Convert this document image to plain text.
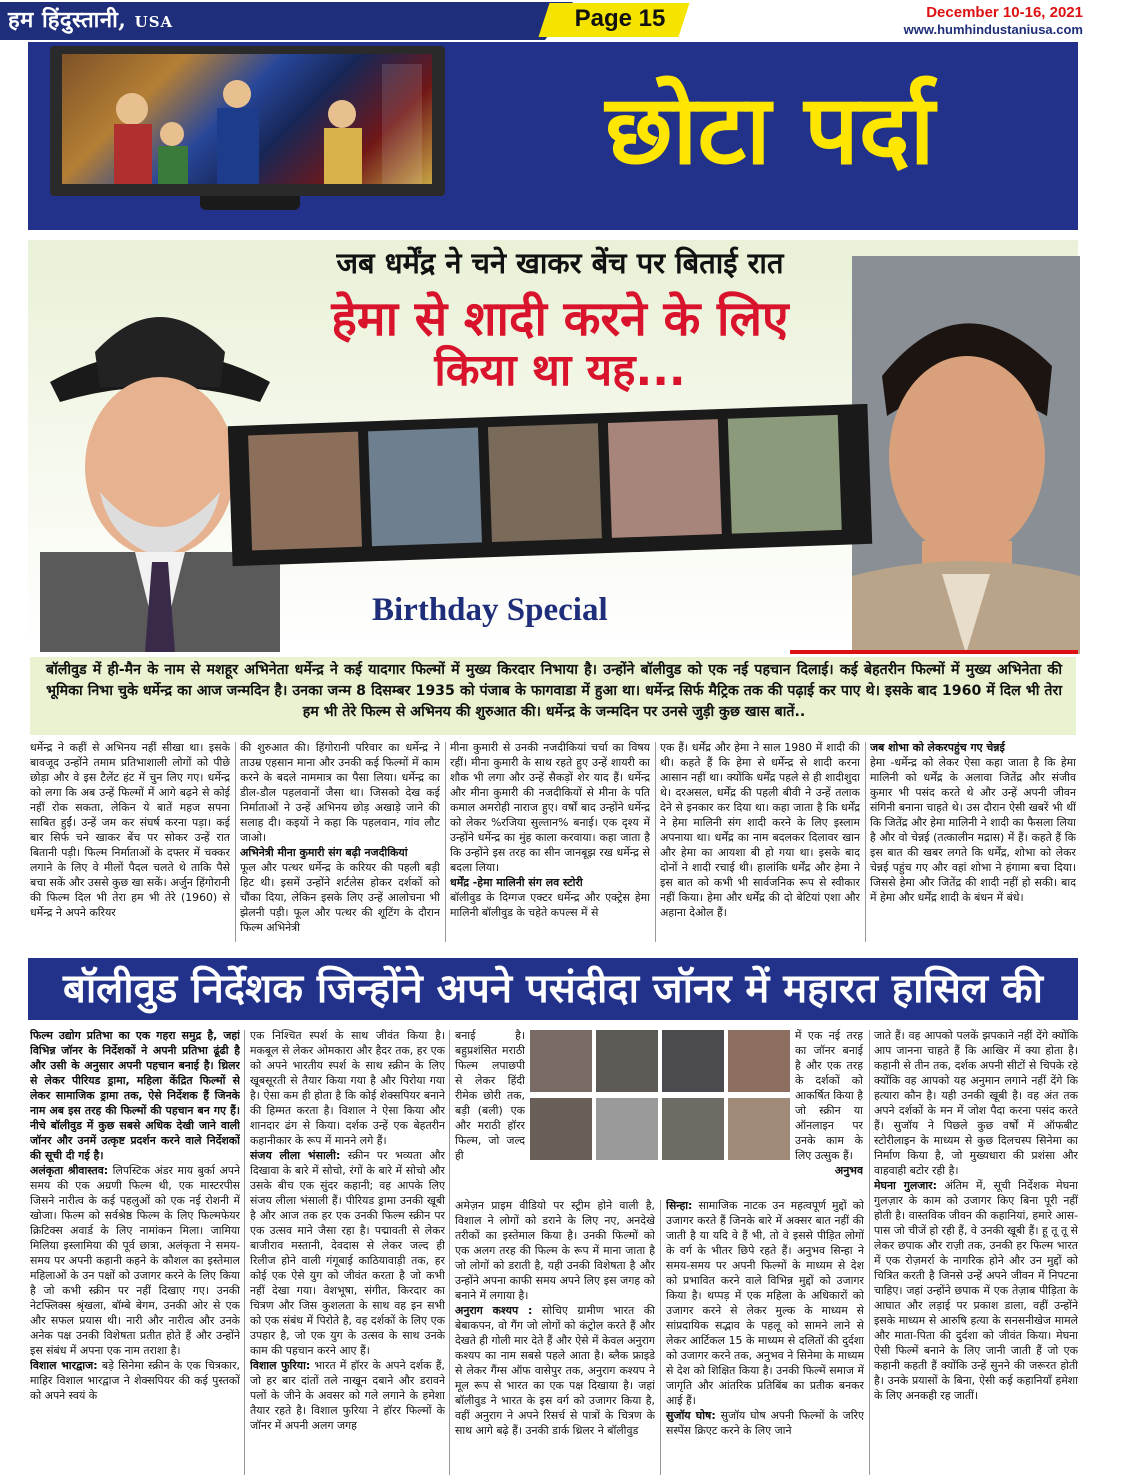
हम हिंदुस्तानी, USA	Page 15	December 10-16, 2021
www.humhindustaniusa.com
छोटा पर्दा
जब धर्मेंद्र ने चने खाकर बेंच पर बिताई रात
हेमा से शादी करने के लिए
किया था यह...
Birthday Special
बॉलीवुड में ही-मैन के नाम से मशहूर अभिनेता धर्मेन्द्र ने कई यादगार फिल्मों में मुख्य किरदार निभाया है। उन्होंने बॉलीवुड को एक नई पहचान दिलाई। कई बेहतरीन फिल्मों में मुख्य अभिनेता की भूमिका निभा चुके धर्मेन्द्र का आज जन्मदिन है। उनका जन्म 8 दिसम्बर 1935 को पंजाब के फागवाडा में हुआ था। धर्मेन्द्र सिर्फ मैट्रिक तक की पढ़ाई कर पाए थे। इसके बाद 1960 में दिल भी तेरा हम भी तेरे फिल्म से अभिनय की शुरुआत की। धर्मेन्द्र के जन्मदिन पर उनसे जुड़ी कुछ खास बातें..

धर्मेन्द्र ने कहीं से अभिनय नहीं सीखा था। इसके बावजूद उन्होंने तमाम प्रतिभाशाली लोगों को पीछे छोड़ा और वे इस टैलेंट हंट में चुन लिए गए। धर्मेन्द्र को लगा कि अब उन्हें फिल्मों में आगे बढ़ने से कोई नहीं रोक सकता, लेकिन ये बातें महज सपना साबित हुईं। उन्हें जम कर संघर्ष करना पड़ा। कई बार सिर्फ चने खाकर बेंच पर सोकर उन्हें रात बितानी पड़ी। फिल्म निर्माताओं के दफ्तर में चक्कर लगाने के लिए वे मीलों पैदल चलते थे ताकि पैसे बचा सकें और उससे कुछ खा सकें। अर्जुन हिंगोरानी की फिल्म दिल भी तेरा हम भी तेरे (1960) से धर्मेन्द्र ने अपने करियर

की शुरुआत की। हिंगोरानी परिवार का धर्मेन्द्र ने ताउम्र एहसान माना और उनकी कई फिल्मों में काम करने के बदले नाममात्र का पैसा लिया। धर्मेन्द्र का डील-डौल पहलवानों जैसा था। जिसको देख कई निर्माताओं ने उन्हें अभिनय छोड़ अखाड़े जाने की सलाह दी। कइयों ने कहा कि पहलवान, गांव लौट जाओ।

अभिनेत्री मीना कुमारी संग बढ़ी नजदीकियां

फूल और पत्थर धर्मेन्द्र के करियर की पहली बड़ी हिट थी। इसमें उन्होंने शर्टलेस होकर दर्शकों को चौंका दिया, लेकिन इसके लिए उन्हें आलोचना भी झेलनी पड़ी। फूल और पत्थर की शूटिंग के दौरान फिल्म अभिनेत्री

मीना कुमारी से उनकी नजदीकियां चर्चा का विषय रहीं। मीना कुमारी के साथ रहते हुए उन्हें शायरी का शौक भी लगा और उन्हें सैकड़ों शेर याद हैं। धर्मेन्द्र और मीना कुमारी की नजदीकियों से मीना के पति कमाल अमरोही नाराज हुए। वर्षों बाद उन्होंने धर्मेन्द्र को लेकर %रजिया सुल्तान% बनाई। एक दृश्य में उन्होंने धर्मेन्द्र का मुंह काला करवाया। कहा जाता है कि उन्होंने इस तरह का सीन जानबूझ रख धर्मेन्द्र से बदला लिया।

धर्मेंद्र -हेमा मालिनी संग लव स्टोरी

बॉलीवुड के दिग्गज एक्टर धर्मेन्द्र और एक्ट्रेस हेमा मालिनी बॉलीवुड के चहेते कपल्स में से

एक हैं। धर्मेंद्र और हेमा ने साल 1980 में शादी की थी। कहते हैं कि हेमा से धर्मेन्द्र से शादी करना आसान नहीं था। क्योंकि धर्मेंद्र पहले से ही शादीशुदा थे। दरअसल, धर्मेंद्र की पहली बीवी ने उन्हें तलाक देने से इनकार कर दिया था। कहा जाता है कि धर्मेंद्र ने हेमा मालिनी संग शादी करने के लिए इस्लाम अपनाया था। धर्मेंद्र का नाम बदलकर दिलावर खान और हेमा का आयशा बी हो गया था। इसके बाद दोनों ने शादी रचाई थी। हालांकि धर्मेंद्र और हेमा ने इस बात को कभी भी सार्वजनिक रूप से स्वीकार नहीं किया। हेमा और धर्मेंद्र की दो बेटियां एशा और अहाना देओल हैं।

जब शोभा को लेकरपहुंच गए चेन्नई

हेमा -धर्मेन्द्र को लेकर ऐसा कहा जाता है कि हेमा मालिनी को धर्मेंद्र के अलावा जितेंद्र और संजीव कुमार भी पसंद करते थे और उन्हें अपनी जीवन संगिनी बनाना चाहते थे। उस दौरान ऐसी खबरें भी थीं कि जितेंद्र और हेमा मालिनी ने शादी का फैसला लिया है और वो चेन्नई (तत्कालीन मद्रास) में हैं। कहते हैं कि इस बात की खबर लगते कि धर्मेंद्र, शोभा को लेकर चेन्नई पहुंच गए और वहां शोभा ने हंगामा बचा दिया। जिससे हेमा और जितेंद्र की शादी नहीं हो सकी। बाद में हेमा और धर्मेंद्र शादी के बंधन में बंधे।

बॉलीवुड निर्देशक जिन्होंने अपने पसंदीदा जॉनर में महारत हासिल की

फिल्म उद्योग प्रतिभा का एक गहरा समुद्र है, जहां विभिन्न जॉनर के निर्देशकों ने अपनी प्रतिभा ढूंढी है और उसी के अनुसार अपनी पहचान बनाई है। थ्रिलर से लेकर पीरियड ड्रामा, महिला केंद्रित फिल्मों से लेकर सामाजिक ड्रामा तक, ऐसे निर्देशक हैं जिनके नाम अब इस तरह की फिल्मों की पहचान बन गए हैं। नीचे बॉलीवुड में कुछ सबसे अधिक देखी जाने वाली जॉनर और उनमें उत्कृष्ट प्रदर्शन करने वाले निर्देशकों की सूची दी गई है।

अलंकृता श्रीवास्तव: लिपस्टिक अंडर माय बुर्का अपने समय की एक अग्रणी फिल्म थी, एक मास्टरपीस जिसने नारीत्व के कई पहलुओं को एक नई रोशनी में खोजा। फिल्म को सर्वश्रेष्ठ फिल्म के लिए फिल्मफेयर क्रिटिक्स अवार्ड के लिए नामांकन मिला। जामिया मिलिया इस्लामिया की पूर्व छात्रा, अलंकृता ने समय-समय पर अपनी कहानी कहने के कौशल का इस्तेमाल महिलाओं के उन पक्षों को उजागर करने के लिए किया है जो कभी स्क्रीन पर नहीं दिखाए गए। उनकी नेटफ्लिक्स श्रृंखला, बॉम्बे बेगम, उनकी ओर से एक और सफल प्रयास थी। नारी और नारीत्व और उनके अनेक पक्ष उनकी विशेषता प्रतीत होते हैं और उन्होंने इस संबंध में अपना एक नाम तराशा है।

विशाल भारद्वाज: बड़े सिनेमा स्क्रीन के एक चित्रकार, माहिर विशाल भारद्वाज ने शेक्सपियर की कई पुस्तकों को अपने स्वयं के

एक निश्चित स्पर्श के साथ जीवंत किया है। मकबूल से लेकर ओमकारा और हैदर तक, हर एक को अपने भारतीय स्पर्श के साथ स्क्रीन के लिए खूबसूरती से तैयार किया गया है और पिरोया गया है। ऐसा कम ही होता है कि कोई शेक्सपियर बनाने की हिम्मत करता है। विशाल ने ऐसा किया और शानदार ढंग से किया। दर्शक उन्हें एक बेहतरीन कहानीकार के रूप में मानने लगे हैं।

संजय लीला भंसाली: स्क्रीन पर भव्यता और दिखावा के बारे में सोचो, रंगों के बारे में सोचो और उसके बीच एक सुंदर कहानी; वह आपके लिए संजय लीला भंसाली हैं। पीरियड ड्रामा उनकी खूबी है और आज तक हर एक उनकी फिल्म स्क्रीन पर एक उत्सव माने जैसा रहा है। पद्मावती से लेकर बाजीराव मस्तानी, देवदास से लेकर जल्द ही रिलीज होने वाली गंगूबाई काठियावाड़ी तक, हर कोई एक ऐसे युग को जीवंत करता है जो कभी नहीं देखा गया। वेशभूषा, संगीत, किरदार का चित्रण और जिस कुशलता के साथ वह इन सभी को एक संबंध में पिरोते है, वह दर्शकों के लिए एक उपहार है, जो एक युग के उत्सव के साथ उनके काम की पहचान करने आए हैं।

विशाल फुरिया: भारत में हॉरर के अपने दर्शक हैं, जो हर बार दांतों तले नाखून दबाने और डरावने पलों के जीने के अवसर को गले लगाने के हमेशा तैयार रहते है। विशाल फुरिया ने हॉरर फिल्मों के जॉनर में अपनी अलग जगह

बनाई है। बहुप्रशंसित मराठी फिल्म लपाछपी से लेकर हिंदी रीमेक छोरी तक, बड़ी (बली) एक और मराठी हॉरर फिल्म, जो जल्द ही

अमेज़न प्राइम वीडियो पर स्ट्रीम होने वाली है, विशाल ने लोगों को डराने के लिए नए, अनदेखे तरीकों का इस्तेमाल किया है। उनकी फिल्मों को एक अलग तरह की फिल्म के रूप में माना जाता है जो लोगों को डराती है, यही उनकी विशेषता है और उन्होंने अपना काफी समय अपने लिए इस जगह को बनाने में लगाया है।

अनुराग कश्यप : सोचिए ग्रामीण भारत की बेबाकपन, वो गैंग जो लोगों को कंट्रोल करते हैं और देखते ही गोली मार देते हैं और ऐसे में केवल अनुराग कश्यप का नाम सबसे पहले आता है। ब्लैक फ्राइडे से लेकर गैंग्स ऑफ वासेपुर तक, अनुराग कश्यप ने मूल रूप से भारत का एक पक्ष दिखाया है। जहां बॉलीवुड ने भारत के इस वर्ग को उजागर किया है, वहीं अनुराग ने अपने रिसर्च से पात्रों के चित्रण के साथ आगे बढ़े हैं। उनकी डार्क थ्रिलर ने बॉलीवुड

में एक नई तरह का जॉनर बनाई है और एक तरह के दर्शकों को आकर्षित किया है जो स्क्रीन या ऑनलाइन पर उनके काम के लिए उत्सुक हैं।

अनुभव

सिन्हा: सामाजिक नाटक उन महत्वपूर्ण मुद्दों को उजागर करते हैं जिनके बारे में अक्सर बात नहीं की जाती है या यदि वे हैं भी, तो वे इससे पीड़ित लोगों के वर्ग के भीतर छिपे रहते हैं। अनुभव सिन्हा ने समय-समय पर अपनी फिल्मों के माध्यम से देश को प्रभावित करने वाले विभिन्न मुद्दों को उजागर किया है। थप्पड़ में एक महिला के अधिकारों को उजागर करने से लेकर मुल्क के माध्यम से सांप्रदायिक सद्भाव के पहलू को सामने लाने से लेकर आर्टिकल 15 के माध्यम से दलितों की दुर्दशा को उजागर करने तक, अनुभव ने सिनेमा के माध्यम से देश को शिक्षित किया है। उनकी फिल्में समाज में जागृति और आंतरिक प्रतिबिंब का प्रतीक बनकर आई हैं।

सुजॉय घोष: सुजॉय घोष अपनी फिल्मों के जरिए सस्पेंस क्रिएट करने के लिए जाने

जाते हैं। वह आपको पलकें झपकाने नहीं देंगे क्योंकि आप जानना चाहते हैं कि आखिर में क्या होता है। कहानी से तीन तक, दर्शक अपनी सीटों से चिपके रहे क्योंकि वह आपको यह अनुमान लगाने नहीं देंगे कि हत्यारा कौन है। यही उनकी खूबी है। वह अंत तक अपने दर्शकों के मन में जोश पैदा करना पसंद करते हैं। सुजॉय ने पिछले कुछ वर्षों में ऑफबीट स्टोरीलाइन के माध्यम से कुछ दिलचस्प सिनेमा का निर्माण किया है, जो मुख्यधारा की प्रशंसा और वाहवाही बटोर रही है।

मेघना गुलजार: अंतिम में, सूची निर्देशक मेघना गुलज़ार के काम को उजागर किए बिना पूरी नहीं होती है। वास्तविक जीवन की कहानियां, हमारे आस-पास जो चीजें हो रही हैं, वे उनकी खूबी हैं। हू तू तू से लेकर छपाक और राज़ी तक, उनकी हर फिल्म भारत में एक रोज़मर्रा के नागरिक होने और उन मुद्दों को चित्रित करती है जिनसे उन्हें अपने जीवन में निपटना चाहिए। जहां उन्होंने छपाक में एक तेज़ाब पीड़िता के आघात और लड़ाई पर प्रकाश डाला, वहीं उन्होंने इसके माध्यम से आरुषि हत्या के सनसनीखेज मामले और माता-पिता की दुर्दशा को जीवंत किया। मेघना ऐसी फिल्में बनाने के लिए जानी जाती हैं जो एक कहानी कहती हैं क्योंकि उन्हें सुनने की जरूरत होती है। उनके प्रयासों के बिना, ऐसी कई कहानियाँ हमेशा के लिए अनकही रह जातीं।
